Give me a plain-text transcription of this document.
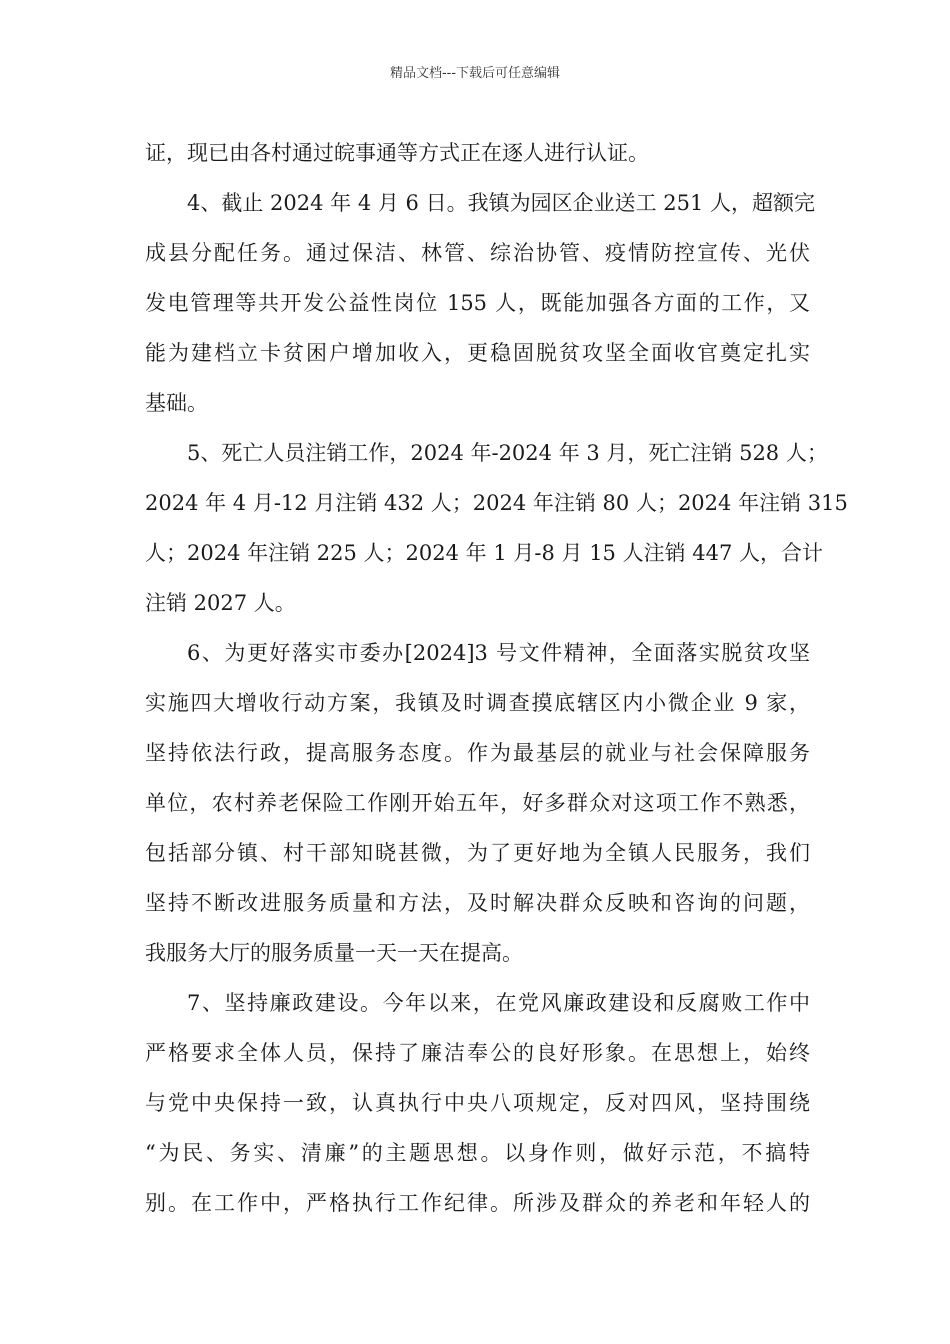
精品文档---下载后可任意编辑
证，现已由各村通过皖事通等方式正在逐人进行认证。
4、截止 2024 年 4 月 6 日。我镇为园区企业送工 251 人，超额完
成县分配任务。通过保洁、林管、综治协管、疫情防控宣传、光伏
发电管理等共开发公益性岗位 155 人，既能加强各方面的工作，又
能为建档立卡贫困户增加收入，更稳固脱贫攻坚全面收官奠定扎实
基础。
5、死亡人员注销工作，2024 年-2024 年 3 月，死亡注销 528 人；
2024 年 4 月-12 月注销 432 人；2024 年注销 80 人；2024 年注销 315
人；2024 年注销 225 人；2024 年 1 月-8 月 15 人注销 447 人，合计
注销 2027 人。
6、为更好落实市委办[2024]3 号文件精神，全面落实脱贫攻坚
实施四大增收行动方案，我镇及时调查摸底辖区内小微企业 9 家，
坚持依法行政，提高服务态度。作为最基层的就业与社会保障服务
单位，农村养老保险工作刚开始五年，好多群众对这项工作不熟悉，
包括部分镇、村干部知晓甚微，为了更好地为全镇人民服务，我们
坚持不断改进服务质量和方法，及时解决群众反映和咨询的问题，
我服务大厅的服务质量一天一天在提高。
7、坚持廉政建设。今年以来，在党风廉政建设和反腐败工作中
严格要求全体人员，保持了廉洁奉公的良好形象。在思想上，始终
与党中央保持一致，认真执行中央八项规定，反对四风，坚持围绕
“为民、务实、清廉”的主题思想。以身作则，做好示范，不搞特
别。在工作中，严格执行工作纪律。所涉及群众的养老和年轻人的
